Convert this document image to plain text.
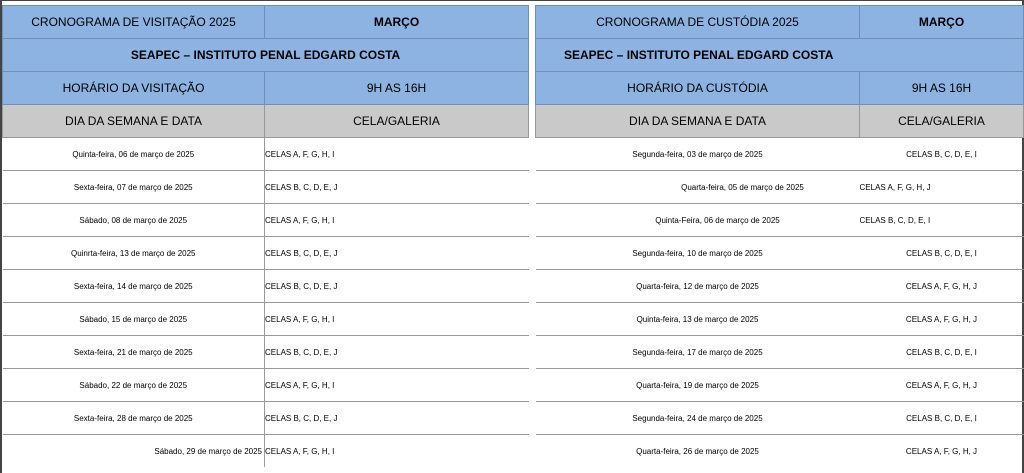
CRONOGRAMA DE VISITAÇÃO 2025	MARÇO
SEAPEC – INSTITUTO PENAL EDGARD COSTA	
HORÁRIO DA VISITAÇÃO	9H AS 16H
DIA DA SEMANA E DATA	CELA/GALERIA
Quinta-feira, 06 de março de 2025	CELAS A, F, G, H, I
Sexta-feira, 07 de março de 2025	CELAS B, C, D, E, J
Sábado, 08 de março de 2025	CELAS A, F, G, H, I
Quinrta-feira, 13 de março de 2025	CELAS B, C, D, E, J
Sexta-feira, 14 de março de 2025	CELAS B, C, D, E, J
Sábado, 15 de março de 2025	CELAS A, F, G, H, I
Sexta-feira, 21 de março de 2025	CELAS B, C, D, E, J
Sábado, 22 de março de 2025	CELAS A, F, G, H, I
Sexta-feira, 28 de março de 2025	CELAS B, C, D, E, J
Sábado, 29 de março de 2025	CELAS A, F, G, H, I
CRONOGRAMA DE CUSTÓDIA 2025	MARÇO
SEAPEC – INSTITUTO PENAL EDGARD COSTA	
HORÁRIO DA CUSTÓDIA	9H AS 16H
DIA DA SEMANA E DATA	CELA/GALERIA
Segunda-feira, 03 de março de 2025	CELAS B, C, D, E, I
Quarta-feira, 05 de março de 2025	CELAS A, F, G, H, J
Quinta-Feira, 06 de março de 2025	CELAS B, C, D, E, I
Segunda-feira, 10 de março de 2025	CELAS B, C, D, E, I
Quarta-feira, 12 de março de 2025	CELAS A, F, G, H, J
Quinta-feira, 13 de março de 2025	CELAS A, F, G, H, J
Segunda-feira, 17 de março de 2025	CELAS B, C, D, E, I
Quarta-feira, 19 de março de 2025	CELAS A, F, G, H, J
Segunda-feira, 24 de março de 2025	CELAS B, C, D, E, I
Quarta-feira, 26 de março de 2025	CELAS A, F, G, H, J
